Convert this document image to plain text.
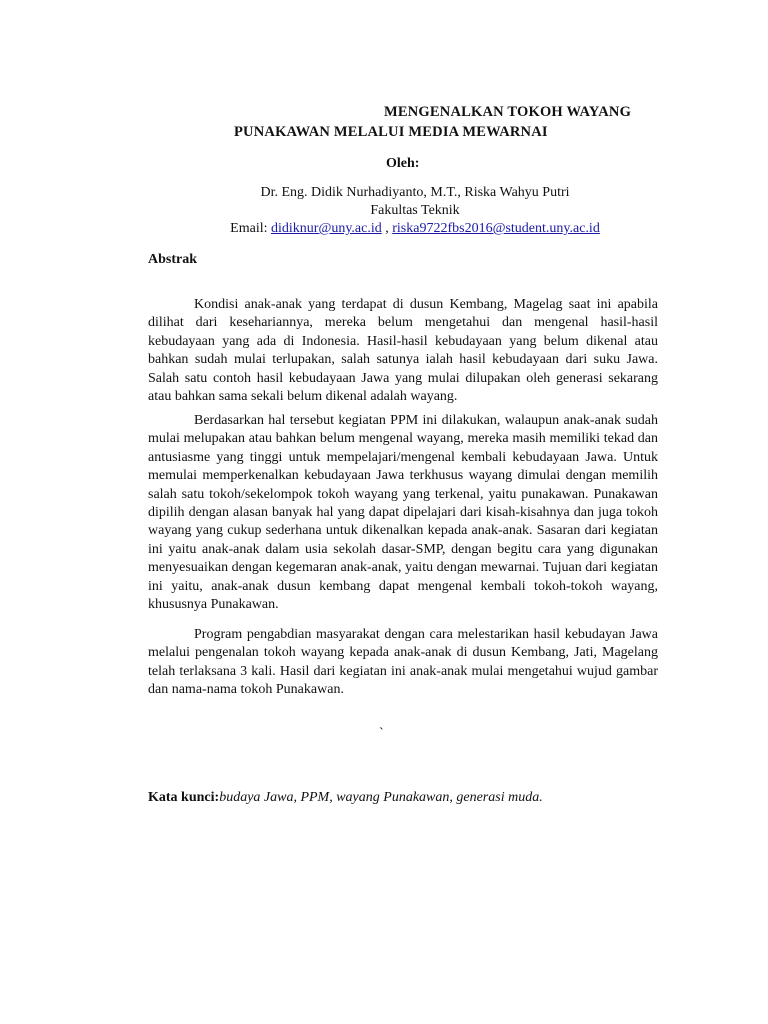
MENGENALKAN TOKOH WAYANG
PUNAKAWAN MELALUI MEDIA MEWARNAI
Oleh:
Dr. Eng. Didik Nurhadiyanto, M.T., Riska Wahyu Putri
Fakultas Teknik
Email: didiknur@uny.ac.id , riska9722fbs2016@student.uny.ac.id
Abstrak
Kondisi anak-anak yang terdapat di dusun Kembang, Magelag saat ini apabila dilihat dari kesehariannya, mereka belum mengetahui dan mengenal hasil-hasil kebudayaan yang ada di Indonesia. Hasil-hasil kebudayaan yang belum dikenal atau bahkan sudah mulai terlupakan, salah satunya ialah hasil kebudayaan dari suku Jawa. Salah satu contoh hasil kebudayaan Jawa yang mulai dilupakan oleh generasi sekarang atau bahkan sama sekali belum dikenal adalah wayang.
Berdasarkan hal tersebut kegiatan PPM ini dilakukan, walaupun anak-anak sudah mulai melupakan atau bahkan belum mengenal wayang, mereka masih memiliki tekad dan antusiasme yang tinggi untuk mempelajari/mengenal kembali kebudayaan Jawa. Untuk memulai memperkenalkan kebudayaan Jawa terkhusus wayang dimulai dengan memilih salah satu tokoh/sekelompok tokoh wayang yang terkenal, yaitu punakawan. Punakawan dipilih dengan alasan banyak hal yang dapat dipelajari dari kisah-kisahnya dan juga tokoh wayang yang cukup sederhana untuk dikenalkan kepada anak-anak. Sasaran dari kegiatan ini yaitu anak-anak dalam usia sekolah dasar-SMP, dengan begitu cara yang digunakan menyesuaikan dengan kegemaran anak-anak, yaitu dengan mewarnai. Tujuan dari kegiatan ini yaitu, anak-anak dusun kembang dapat mengenal kembali tokoh-tokoh wayang, khususnya Punakawan.
Program pengabdian masyarakat dengan cara melestarikan hasil kebudayan Jawa melalui pengenalan tokoh wayang kepada anak-anak di dusun Kembang, Jati, Magelang telah terlaksana 3 kali. Hasil dari kegiatan ini anak-anak mulai mengetahui wujud gambar dan nama-nama tokoh Punakawan.
`
Kata kunci:budaya Jawa, PPM, wayang Punakawan, generasi muda.
